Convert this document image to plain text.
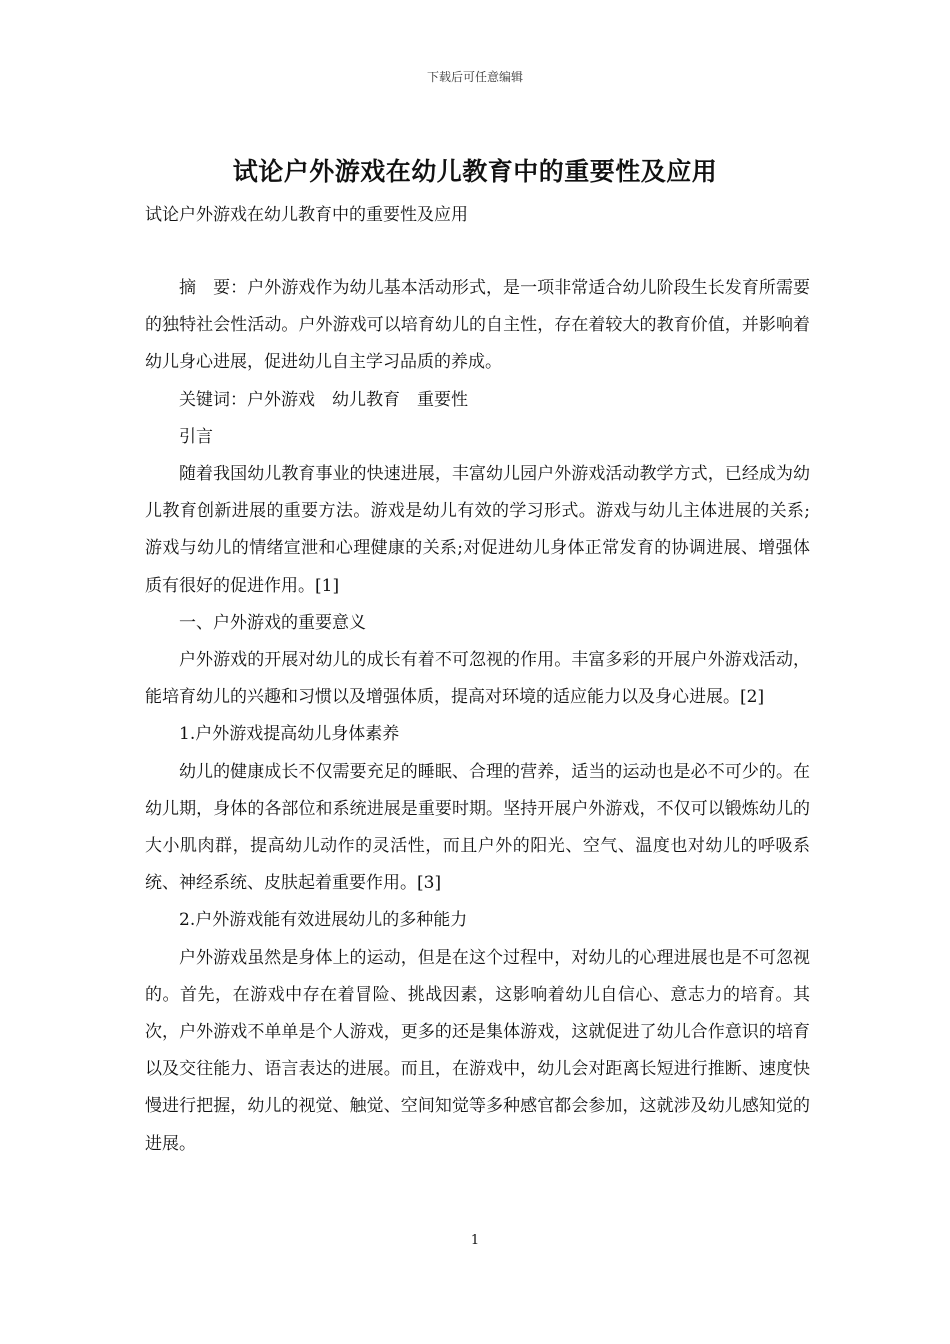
下载后可任意编辑
试论户外游戏在幼儿教育中的重要性及应用
试论户外游戏在幼儿教育中的重要性及应用

摘　要：户外游戏作为幼儿基本活动形式，是一项非常适合幼儿阶段生长发育所需要的独特社会性活动。户外游戏可以培育幼儿的自主性，存在着较大的教育价值，并影响着幼儿身心进展，促进幼儿自主学习品质的养成。

关键词：户外游戏　幼儿教育　重要性

引言

随着我国幼儿教育事业的快速进展，丰富幼儿园户外游戏活动教学方式，已经成为幼儿教育创新进展的重要方法。游戏是幼儿有效的学习形式。游戏与幼儿主体进展的关系;游戏与幼儿的情绪宣泄和心理健康的关系;对促进幼儿身体正常发育的协调进展、增强体质有很好的促进作用。[1]

一、户外游戏的重要意义

户外游戏的开展对幼儿的成长有着不可忽视的作用。丰富多彩的开展户外游戏活动，能培育幼儿的兴趣和习惯以及增强体质，提高对环境的适应能力以及身心进展。[2]

1.户外游戏提高幼儿身体素养

幼儿的健康成长不仅需要充足的睡眠、合理的营养，适当的运动也是必不可少的。在幼儿期，身体的各部位和系统进展是重要时期。坚持开展户外游戏，不仅可以锻炼幼儿的大小肌肉群，提高幼儿动作的灵活性，而且户外的阳光、空气、温度也对幼儿的呼吸系统、神经系统、皮肤起着重要作用。[3]

2.户外游戏能有效进展幼儿的多种能力

户外游戏虽然是身体上的运动，但是在这个过程中，对幼儿的心理进展也是不可忽视的。首先，在游戏中存在着冒险、挑战因素，这影响着幼儿自信心、意志力的培育。其次，户外游戏不单单是个人游戏，更多的还是集体游戏，这就促进了幼儿合作意识的培育以及交往能力、语言表达的进展。而且，在游戏中，幼儿会对距离长短进行推断、速度快慢进行把握，幼儿的视觉、触觉、空间知觉等多种感官都会参加，这就涉及幼儿感知觉的进展。

1
